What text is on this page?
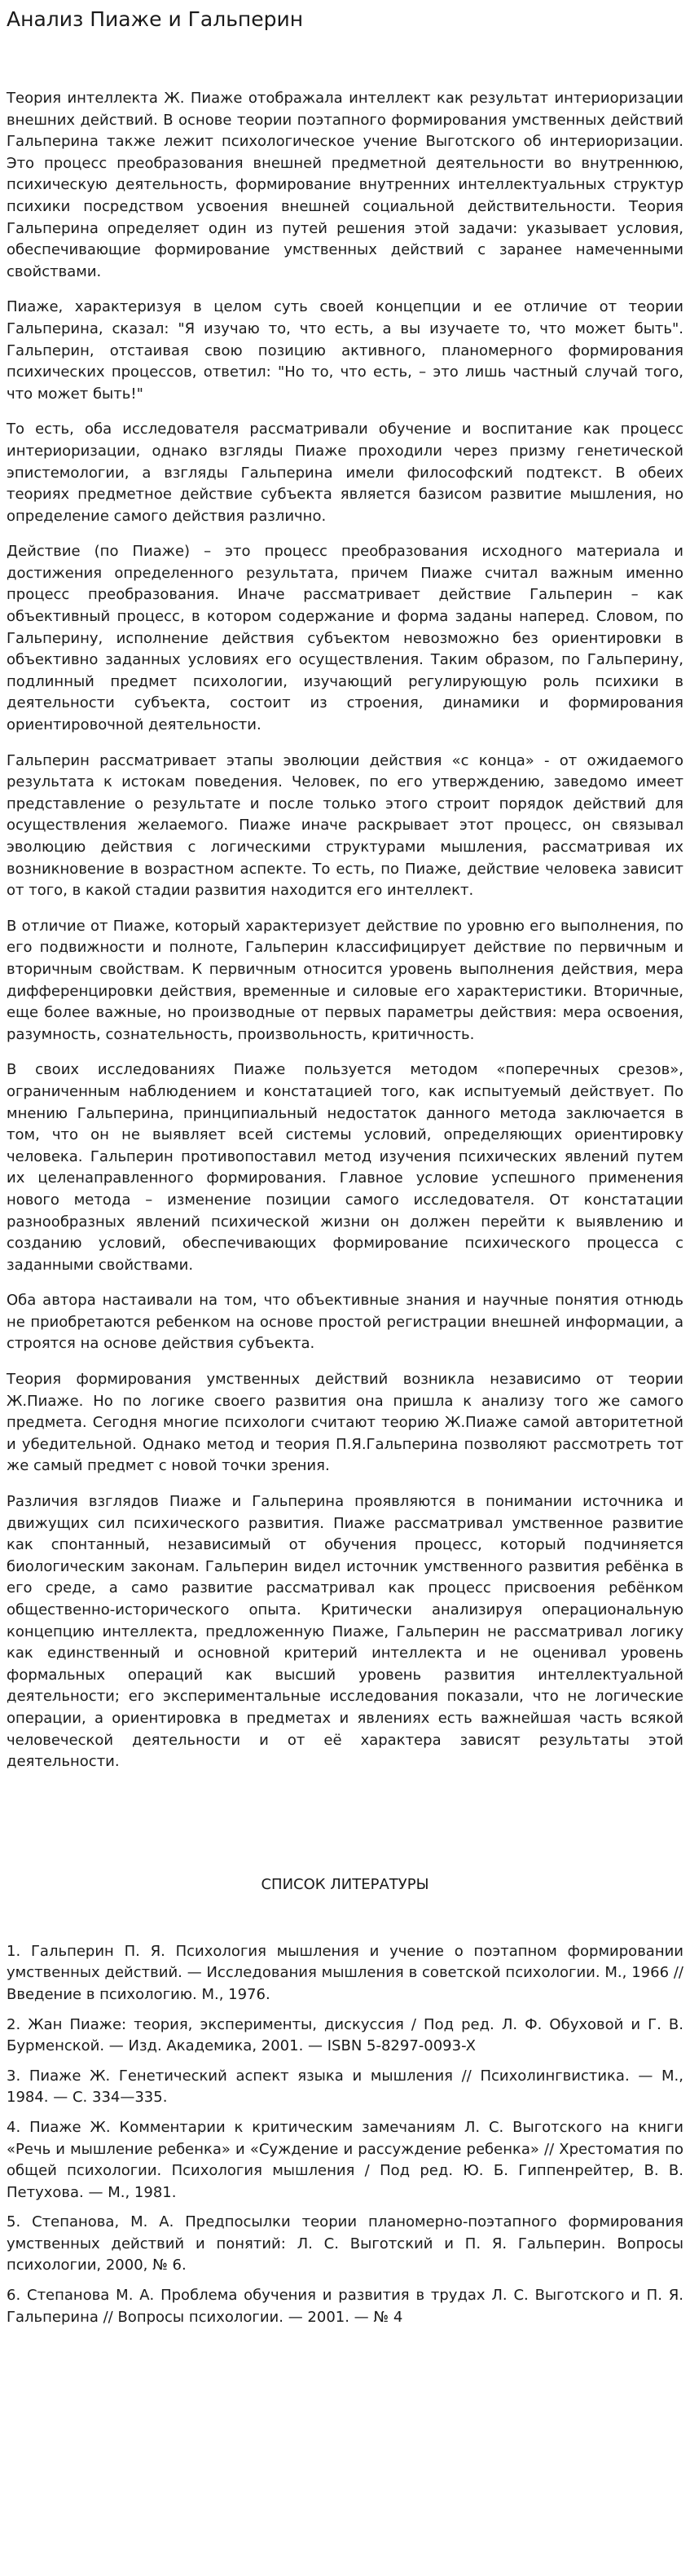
Анализ Пиаже и Гальперин

Теория интеллекта Ж. Пиаже отображала интеллект как результат интериоризации внешних действий. В основе теории поэтапного формирования умственных действий Гальперина также лежит психологическое учение Выготского об интериоризации. Это процесс преобразования внешней предметной деятельности во внутреннюю, психическую деятельность, формирование внутренних интеллектуальных структур психики посредством усвоения внешней социальной действительности. Теория Гальперина определяет один из путей решения этой задачи: указывает условия, обеспечивающие формирование умственных действий с заранее намеченными свойствами.

Пиаже, характеризуя в целом суть своей концепции и ее отличие от теории Гальперина, сказал: "Я изучаю то, что есть, а вы изучаете то, что может быть". Гальперин, отстаивая свою позицию активного, планомерного формирования психических процессов, ответил: "Но то, что есть, – это лишь частный случай того, что может быть!"

То есть, оба исследователя рассматривали обучение и воспитание как процесс интериоризации, однако взгляды Пиаже проходили через призму генетической эпистемологии, а взгляды Гальперина имели философский подтекст. В обеих теориях предметное действие субъекта является базисом развитие мышления, но определение самого действия различно.

Действие (по Пиаже) – это процесс преобразования исходного материала и достижения определенного результата, причем Пиаже считал важным именно процесс преобразования. Иначе рассматривает действие Гальперин – как объективный процесс, в котором содержание и форма заданы наперед. Словом, по Гальперину, исполнение действия субъектом невозможно без ориентировки в объективно заданных условиях его осуществления. Таким образом, по Гальперину, подлинный предмет психологии, изучающий регулирующую роль психики в деятельности субъекта, состоит из строения, динамики и формирования ориентировочной деятельности.

Гальперин рассматривает этапы эволюции действия «с конца» - от ожидаемого результата к истокам поведения. Человек, по его утверждению, заведомо имеет представление о результате и после только этого строит порядок действий для осуществления желаемого. Пиаже иначе раскрывает этот процесс, он связывал эволюцию действия с логическими структурами мышления, рассматривая их возникновение в возрастном аспекте. То есть, по Пиаже, действие человека зависит от того, в какой стадии развития находится его интеллект.

В отличие от Пиаже, который характеризует действие по уровню его выполнения, по его подвижности и полноте, Гальперин классифицирует действие по первичным и вторичным свойствам. К первичным относится уровень выполнения действия, мера дифференцировки действия, временные и силовые его характеристики. Вторичные, еще более важные, но производные от первых параметры действия: мера освоения, разумность, сознательность, произвольность, критичность.

В своих исследованиях Пиаже пользуется методом «поперечных срезов», ограниченным наблюдением и констатацией того, как испытуемый действует. По мнению Гальперина, принципиальный недостаток данного метода заключается в том, что он не выявляет всей системы условий, определяющих ориентировку человека. Гальперин противопоставил метод изучения психических явлений путем их целенаправленного формирования. Главное условие успешного применения нового метода – изменение позиции самого исследователя. От констатации разнообразных явлений психической жизни он должен перейти к выявлению и созданию условий, обеспечивающих формирование психического процесса с заданными свойствами.

Оба автора настаивали на том, что объективные знания и научные понятия отнюдь не приобретаются ребенком на основе простой регистрации внешней информации, а строятся на основе действия субъекта.

Теория формирования умственных действий возникла независимо от теории Ж.Пиаже. Но по логике своего развития она пришла к анализу того же самого предмета. Сегодня многие психологи считают теорию Ж.Пиаже самой авторитетной и убедительной. Однако метод и теория П.Я.Гальперина позволяют рассмотреть тот же самый предмет с новой точки зрения.

Различия взглядов Пиаже и Гальперина проявляются в понимании источника и движущих сил психического развития. Пиаже рассматривал умственное развитие как спонтанный, независимый от обучения процесс, который подчиняется биологическим законам. Гальперин видел источник умственного развития ребёнка в его среде, а само развитие рассматривал как процесс присвоения ребёнком общественно-исторического опыта. Критически анализируя операциональную концепцию интеллекта, предложенную Пиаже, Гальперин не рассматривал логику как единственный и основной критерий интеллекта и не оценивал уровень формальных операций как высший уровень развития интеллектуальной деятельности; его экспериментальные исследования показали, что не логические операции, а ориентировка в предметах и явлениях есть важнейшая часть всякой человеческой деятельности и от её характера зависят результаты этой деятельности.

СПИСОК ЛИТЕРАТУРЫ
1. Гальперин П. Я. Психология мышления и учение о поэтапном формировании умственных действий. — Исследования мышления в советской психологии. М., 1966 // Введение в психологию. М., 1976.
2. Жан Пиаже: теория, эксперименты, дискуссия / Под ред. Л. Ф. Обуховой и Г. В. Бурменской. — Изд. Академика, 2001. — ISBN 5-8297-0093-X
3. Пиаже Ж. Генетический аспект языка и мышления // Психолингвистика. — М., 1984. — С. 334—335.
4. Пиаже Ж. Комментарии к критическим замечаниям Л. С. Выготского на книги «Речь и мышление ребенка» и «Суждение и рассуждение ребенка» // Хрестоматия по общей психологии. Психология мышления / Под ред. Ю. Б. Гиппенрейтер, В. В. Петухова. — М., 1981.
5. Степанова, М. А. Предпосылки теории планомерно-поэтапного формирования умственных действий и понятий: Л. С. Выготский и П. Я. Гальперин. Вопросы психологии, 2000, № 6.
6. Степанова М. А. Проблема обучения и развития в трудах Л. С. Выготского и П. Я. Гальперина // Вопросы психологии. — 2001. — № 4
